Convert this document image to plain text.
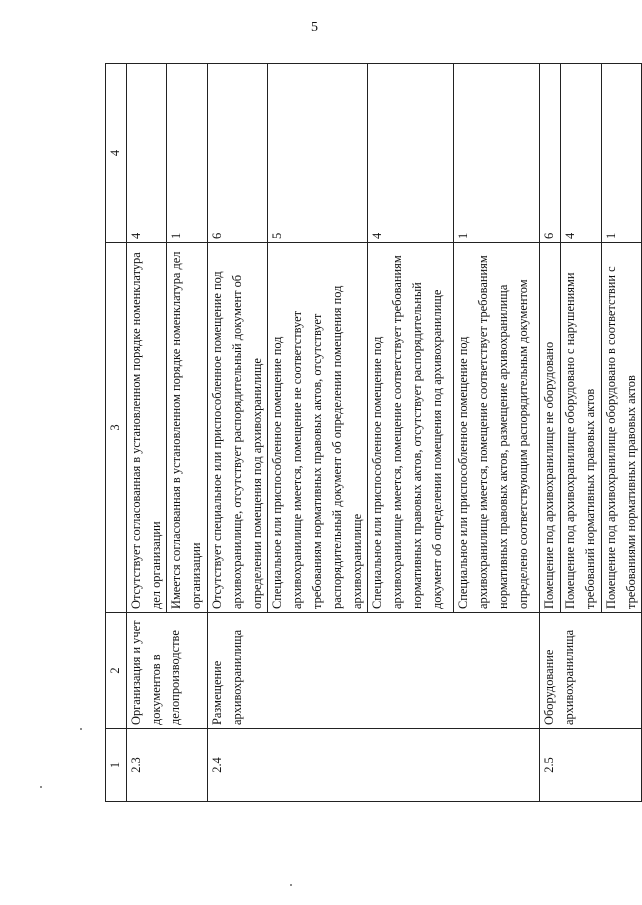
5
1	2	3	4
2.3	Организация и учет документов в делопроизводстве	Отсутствует согласованная в установленном порядке номенклатура дел организации	4
		Имеется согласованная в установленном порядке номенклатура дел организации	1
2.4	Размещение архивохранилища	Отсутствует специальное или приспособленное помещение под архивохранилище, отсутствует распорядительный документ об определении помещения под архивохранилище	6
		Специальное или приспособленное помещение под архивохранилище имеется, помещение не соответствует требованиям нормативных правовых актов, отсутствует распорядительный документ об определении помещения под архивохранилище	5
		Специальное или приспособленное помещение под архивохранилище имеется, помещение соответствует требованиям нормативных правовых актов, отсутствует распорядительный документ об определении помещения под архивохранилище	4
		Специальное или приспособленное помещение под архивохранилище имеется, помещение соответствует требованиям нормативных правовых актов, размещение архивохранилища определено соответствующим распорядительным документом	1
2.5	Оборудование архивохранилища	Помещение под архивохранилище не оборудовано	6
		Помещение под архивохранилище оборудовано с нарушениями требований нормативных правовых актов	4
		Помещение под архивохранилище оборудовано в соответствии с требованиями нормативных правовых актов	1
